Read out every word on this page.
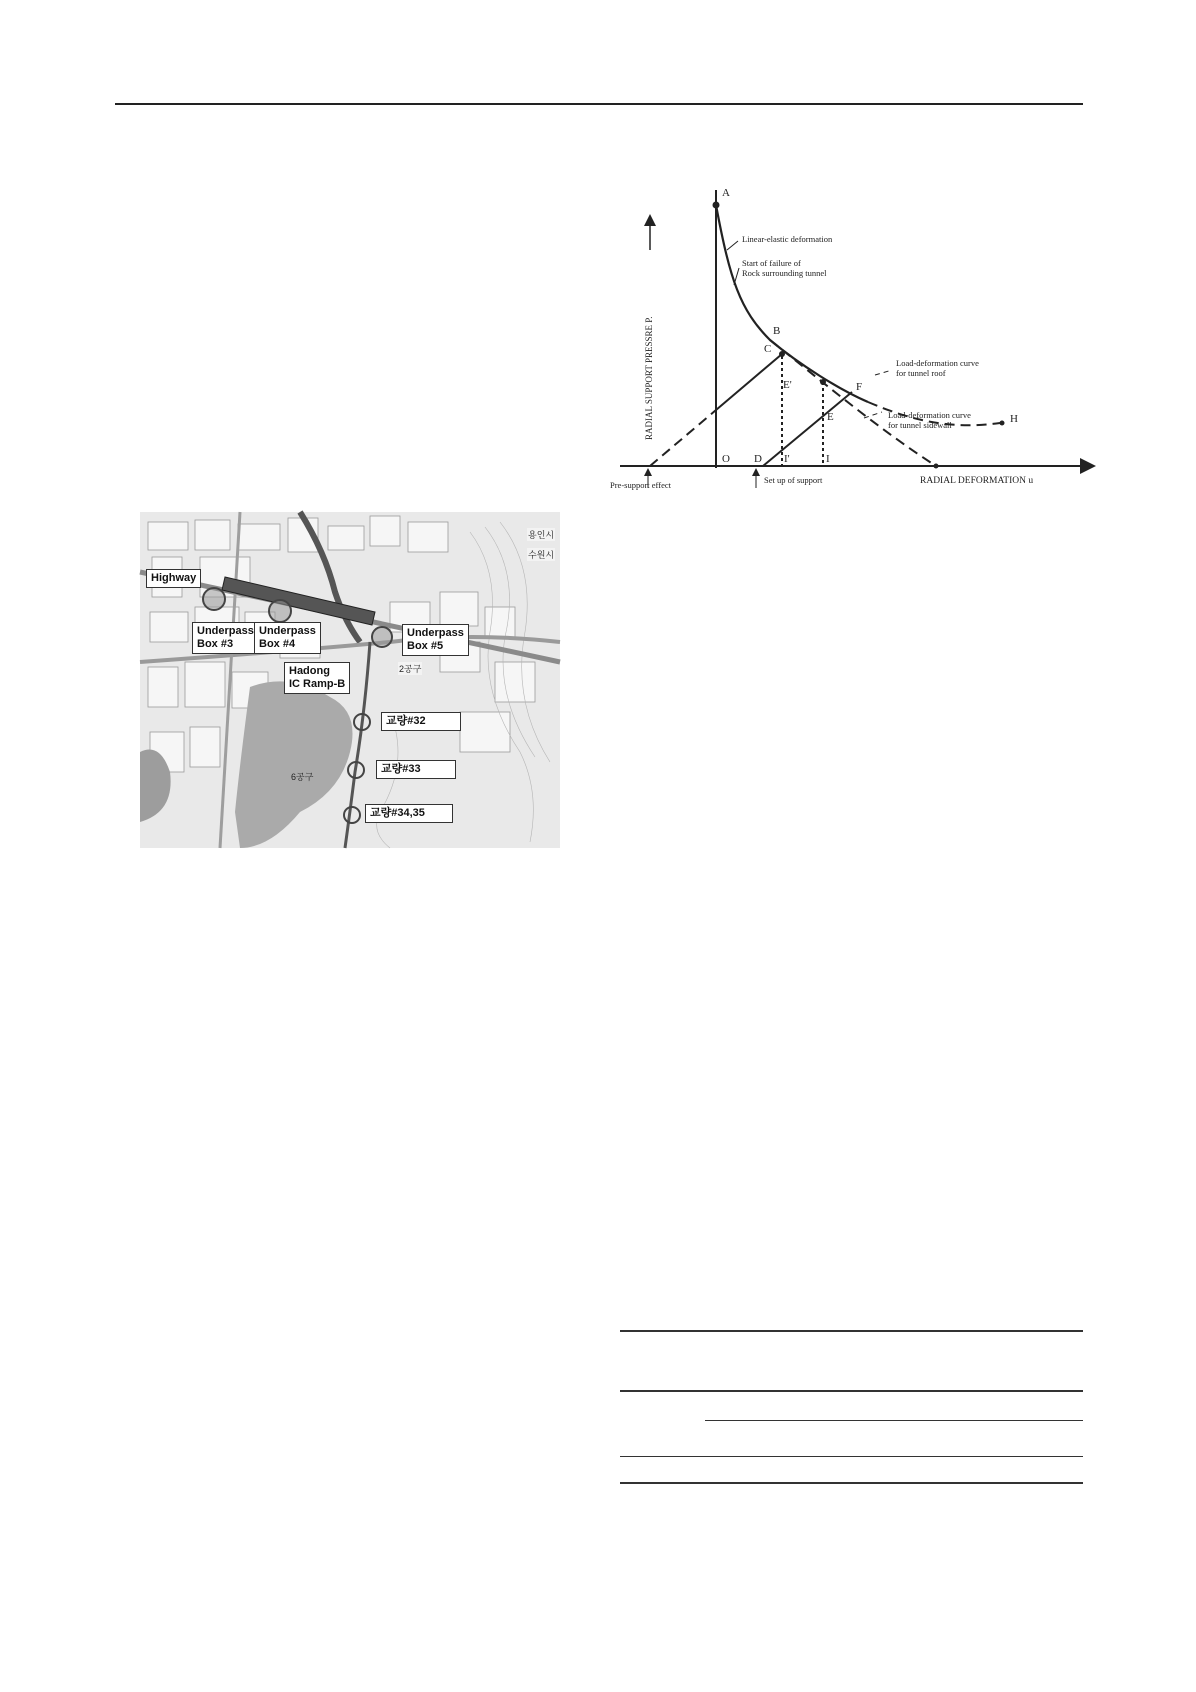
Highway
Underpass
Box #3
Underpass
Box #4
Underpass
Box #5
Hadong
IC Ramp-B
교량#32
교량#33
교량#34,35
용인시
수원시
2공구
6공구
RADIAL SUPPORT PRESSRE P.
RADIAL DEFORMATION u
A
B
C
F
H
E'
E
O D I'	I
Linear-elastic deformation
Start of failure of
Rock surrounding tunnel
Load-deformation curve
for tunnel roof
Load-deformation curve
for tunnel sidewall
Pre-support effect	Set up of support
